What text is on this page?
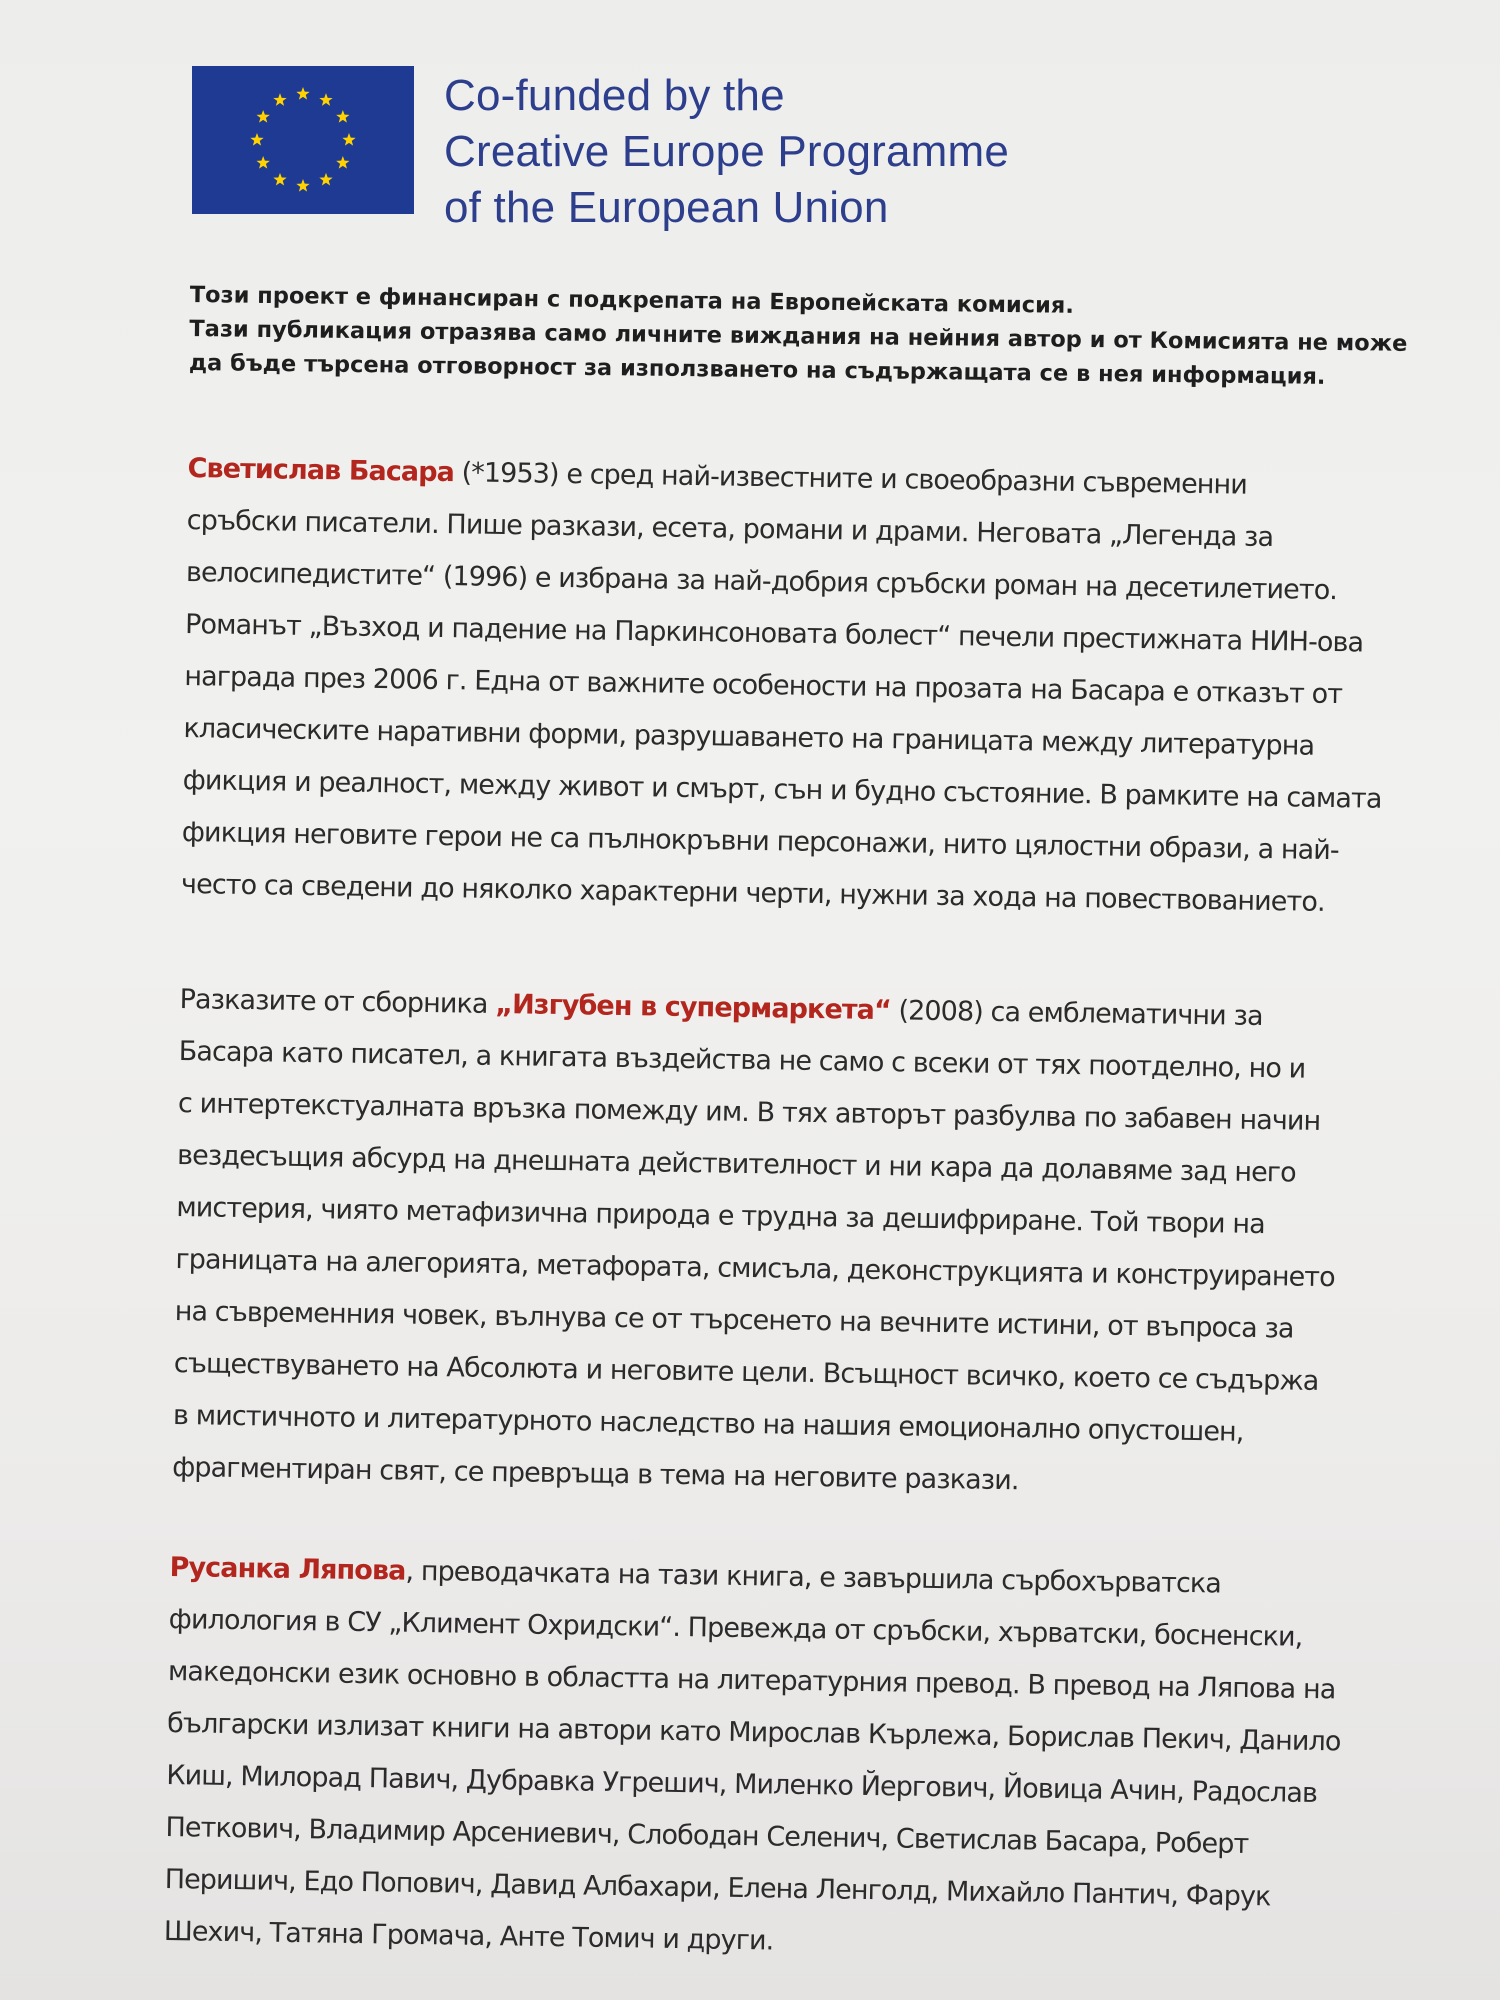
Co-funded by the
Creative Europe Programme
of the European Union
Този проект е финансиран с подкрепата на Европейската комисия.
Тази публикация отразява само личните виждания на нейния автор и от Комисията не може
да бъде търсена отговорност за използването на съдържащата се в нея информация.
Светислав Басара (*1953) е сред най-известните и своеобразни съвременни
сръбски писатели. Пише разкази, есета, романи и драми. Неговата „Легенда за
велосипедистите“ (1996) е избрана за най-добрия сръбски роман на десетилетието.
Романът „Възход и падение на Паркинсоновата болест“ печели престижната НИН-ова
награда през 2006 г. Една от важните особености на прозата на Басара е отказът от
класическите наративни форми, разрушаването на границата между литературна
фикция и реалност, между живот и смърт, сън и будно състояние. В рамките на самата
фикция неговите герои не са пълнокръвни персонажи, нито цялостни образи, а най-
често са сведени до няколко характерни черти, нужни за хода на повествованието.
Разказите от сборника „Изгубен в супермаркета“ (2008) са емблематични за
Басара като писател, а книгата въздейства не само с всеки от тях поотделно, но и
с интертекстуалната връзка помежду им. В тях авторът разбулва по забавен начин
вездесъщия абсурд на днешната действителност и ни кара да долавяме зад него
мистерия, чиято метафизична природа е трудна за дешифриране. Той твори на
границата на алегорията, метафората, смисъла, деконструкцията и конструирането
на съвременния човек, вълнува се от търсенето на вечните истини, от въпроса за
съществуването на Абсолюта и неговите цели. Всъщност всичко, което се съдържа
в мистичното и литературното наследство на нашия емоционално опустошен,
фрагментиран свят, се превръща в тема на неговите разкази.
Русанка Ляпова, преводачката на тази книга, е завършила сърбохърватска
филология в СУ „Климент Охридски“. Превежда от сръбски, хърватски, босненски,
македонски език основно в областта на литературния превод. В превод на Ляпова на
български излизат книги на автори като Мирослав Кърлежа, Борислав Пекич, Данило
Киш, Милорад Павич, Дубравка Угрешич, Миленко Йергович, Йовица Ачин, Радослав
Петкович, Владимир Арсениевич, Слободан Селенич, Светислав Басара, Роберт
Перишич, Едо Попович, Давид Албахари, Елена Ленголд, Михайло Пантич, Фарук
Шехич, Татяна Громача, Анте Томич и други.
